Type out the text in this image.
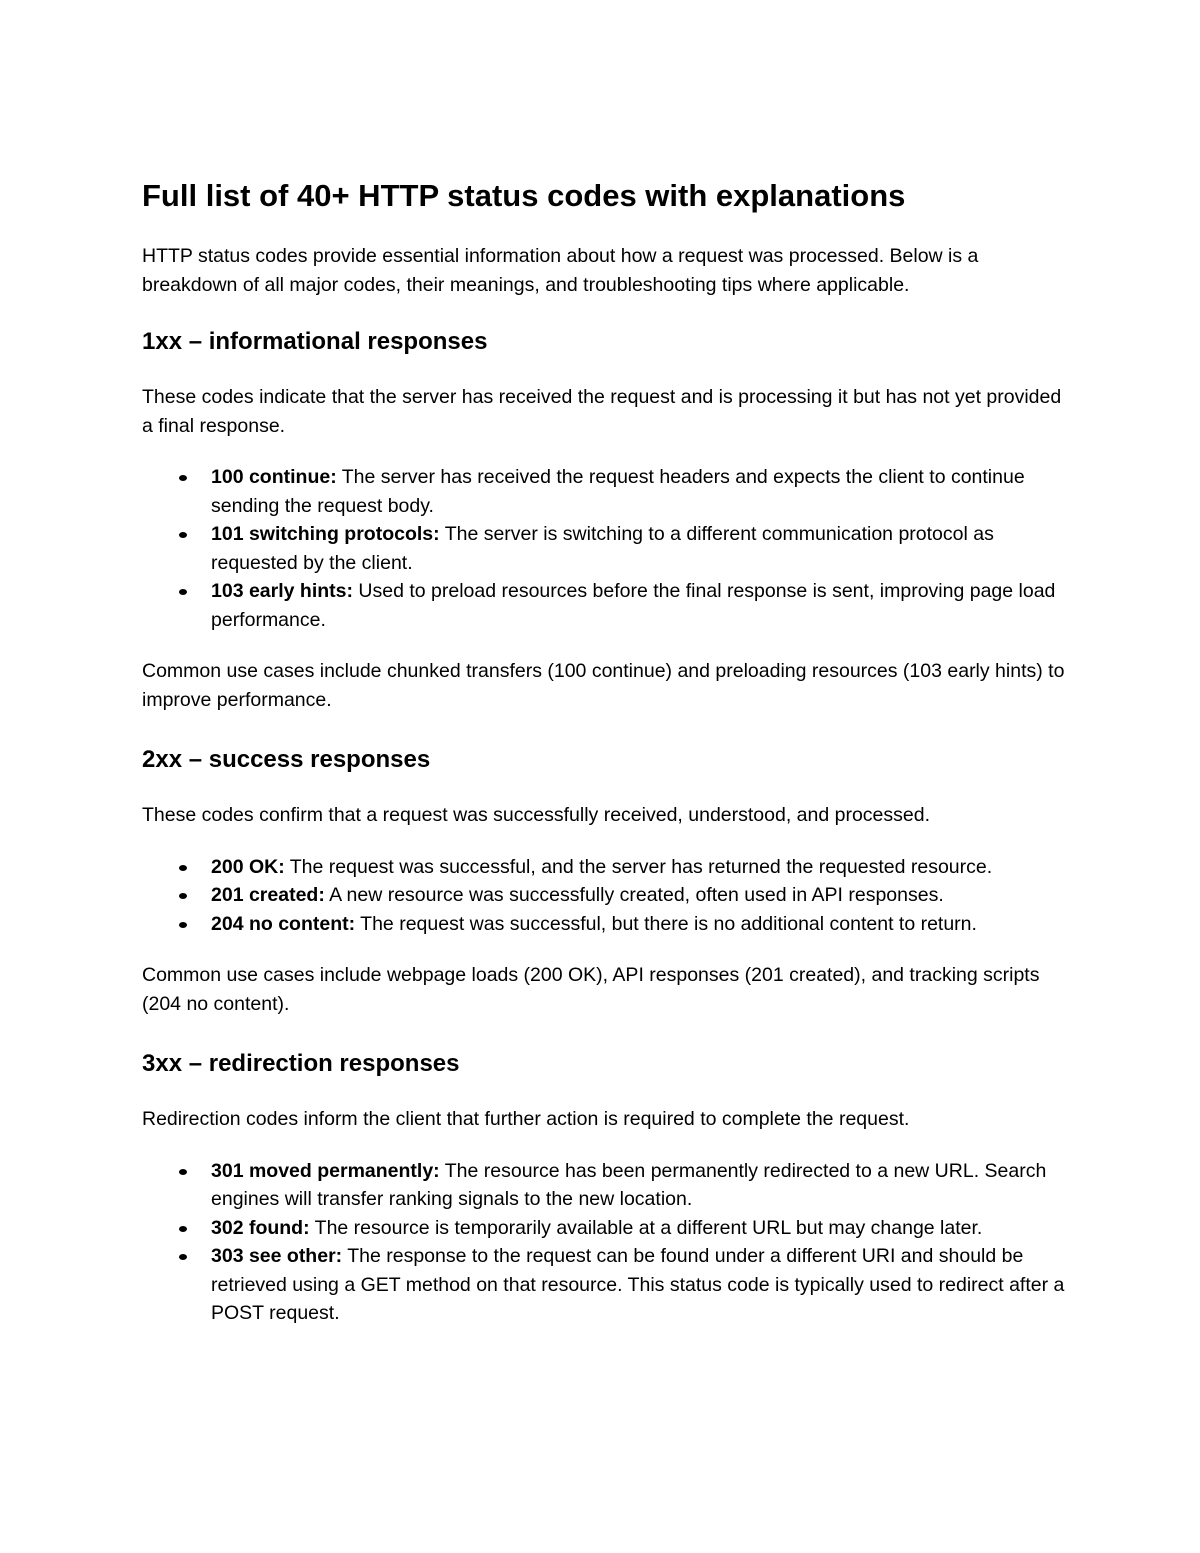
Full list of 40+ HTTP status codes with explanations

HTTP status codes provide essential information about how a request was processed. Below is a breakdown of all major codes, their meanings, and troubleshooting tips where applicable.

1xx – informational responses

These codes indicate that the server has received the request and is processing it but has not yet provided a final response.

100 continue: The server has received the request headers and expects the client to continue sending the request body.
101 switching protocols: The server is switching to a different communication protocol as requested by the client.
103 early hints: Used to preload resources before the final response is sent, improving page load performance.

Common use cases include chunked transfers (100 continue) and preloading resources (103 early hints) to improve performance.

2xx – success responses

These codes confirm that a request was successfully received, understood, and processed.

200 OK: The request was successful, and the server has returned the requested resource.
201 created: A new resource was successfully created, often used in API responses.
204 no content: The request was successful, but there is no additional content to return.

Common use cases include webpage loads (200 OK), API responses (201 created), and tracking scripts (204 no content).

3xx – redirection responses

Redirection codes inform the client that further action is required to complete the request.

301 moved permanently: The resource has been permanently redirected to a new URL. Search engines will transfer ranking signals to the new location.
302 found: The resource is temporarily available at a different URL but may change later.
303 see other: The response to the request can be found under a different URI and should be retrieved using a GET method on that resource. This status code is typically used to redirect after a POST request.
